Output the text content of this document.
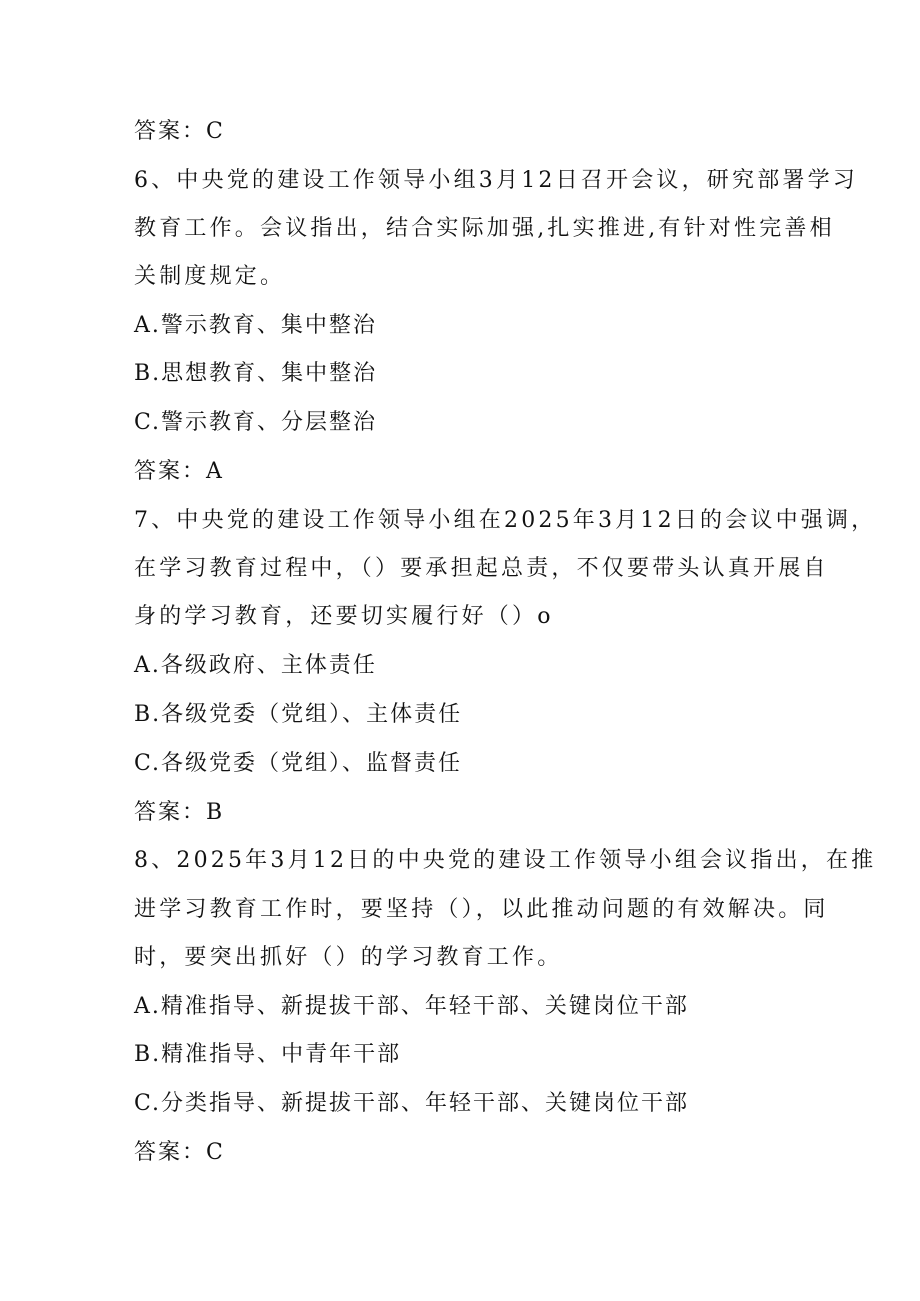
答案：C

6、中央党的建设工作领导小组3月12日召开会议，研究部署学习

教育工作。会议指出，结合实际加强,扎实推进,有针对性完善相

关制度规定。

A.警示教育、集中整治

B.思想教育、集中整治

C.警示教育、分层整治

答案：A

7、中央党的建设工作领导小组在2025年3月12日的会议中强调，

在学习教育过程中，（）要承担起总责，不仅要带头认真开展自

身的学习教育，还要切实履行好（）o

A.各级政府、主体责任

B.各级党委（党组）、主体责任

C.各级党委（党组）、监督责任

答案：B

8、2025年3月12日的中央党的建设工作领导小组会议指出，在推

进学习教育工作时，要坚持（），以此推动问题的有效解决。同

时，要突出抓好（）的学习教育工作。

A.精准指导、新提拔干部、年轻干部、关键岗位干部

B.精准指导、中青年干部

C.分类指导、新提拔干部、年轻干部、关键岗位干部

答案：C
